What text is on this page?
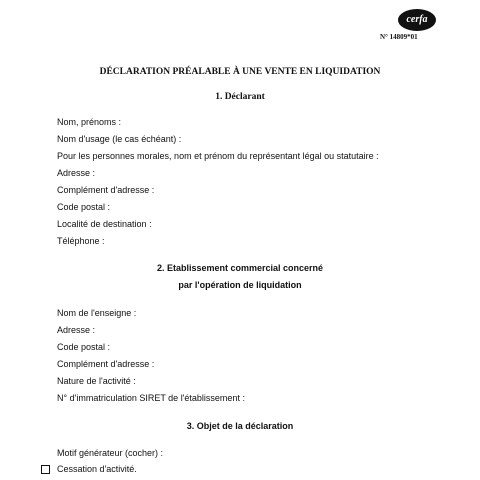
cerfa
N° 14809*01
DÉCLARATION PRÉALABLE À UNE VENTE EN LIQUIDATION
1. Déclarant
Nom, prénoms :
Nom d'usage (le cas échéant) :
Pour les personnes morales, nom et prénom du représentant légal ou statutaire :
Adresse :
Complément d'adresse :
Code postal :
Localité de destination :
Téléphone :
2. Etablissement commercial concerné
par l'opération de liquidation
Nom de l'enseigne :
Adresse :
Code postal :
Complément d'adresse :
Nature de l'activité :
N° d'immatriculation SIRET de l'établissement :
3. Objet de la déclaration
Motif générateur (cocher) :
Cessation d'activité.
